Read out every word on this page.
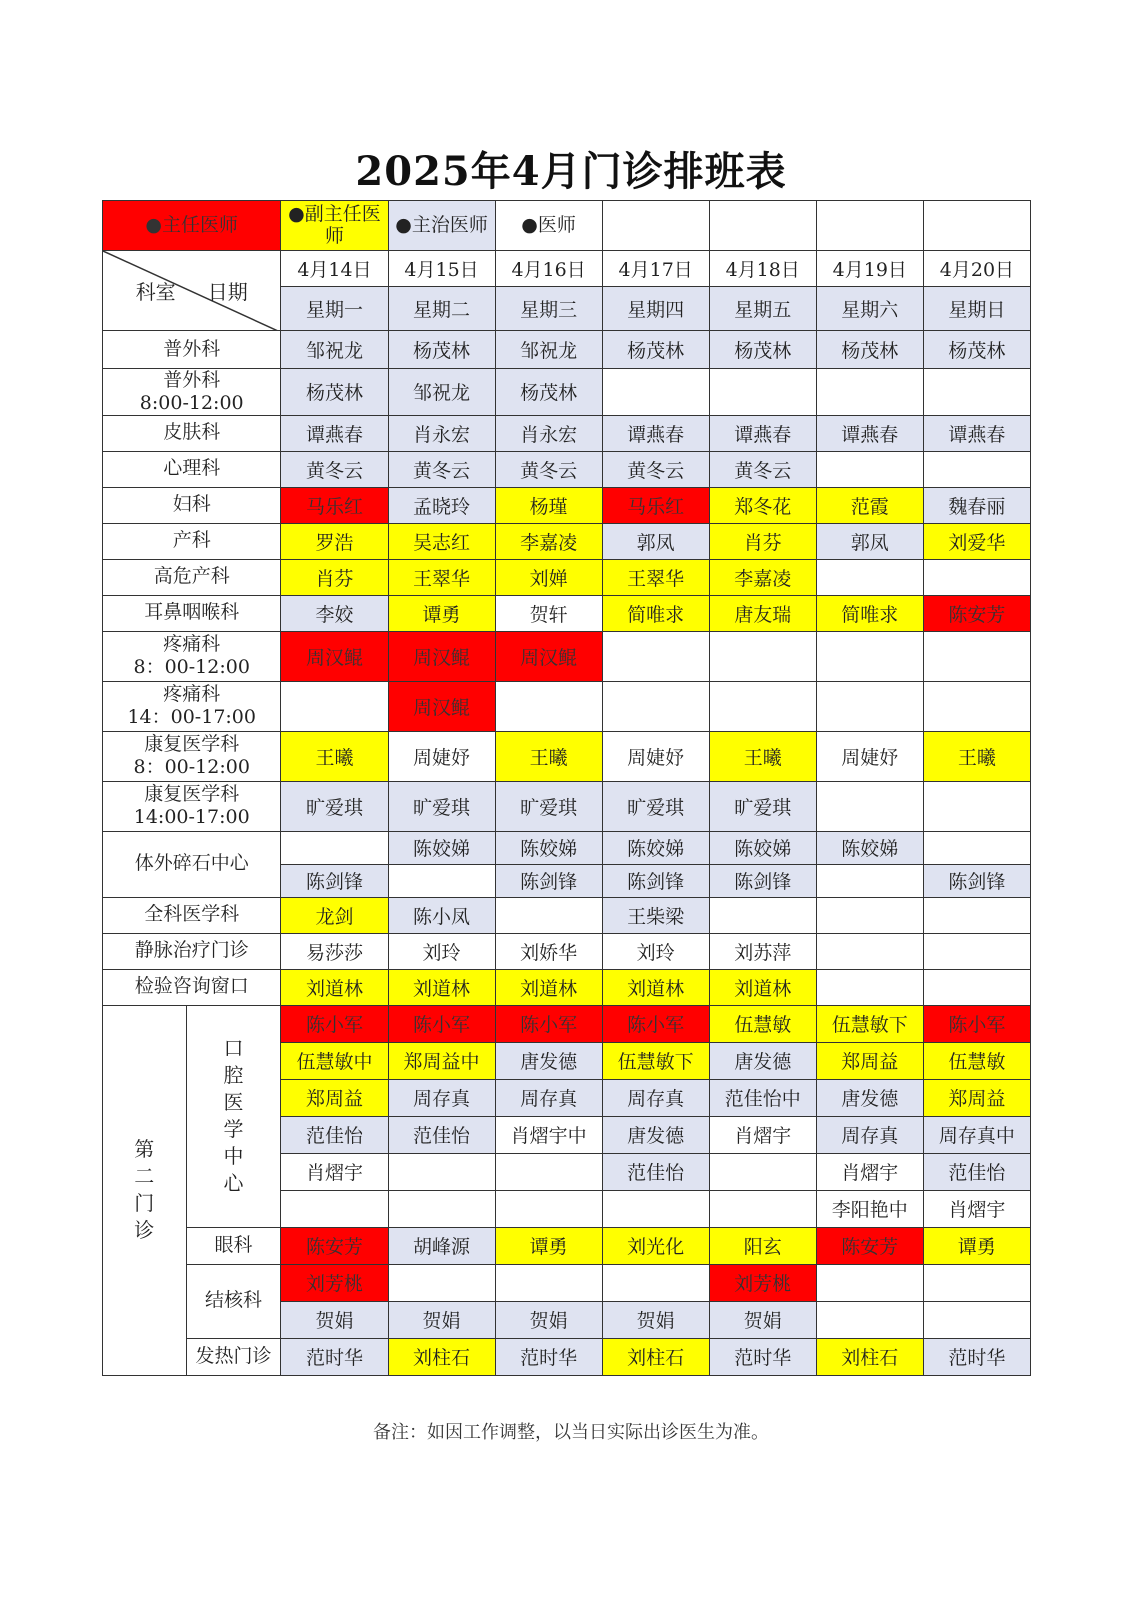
2025年4月门诊排班表
●主任医师		●副主任医师	●主治医师	●医师				

科室 日期		4月14日	4月15日	4月16日	4月17日	4月18日	4月19日	4月20日
		星期一	星期二	星期三	星期四	星期五	星期六	星期日

普外科		邹祝龙	杨茂林	邹祝龙	杨茂林	杨茂林	杨茂林	杨茂林

普外科
8:00-12:00		杨茂林	邹祝龙	杨茂林				

皮肤科		谭燕春	肖永宏	肖永宏	谭燕春	谭燕春	谭燕春	谭燕春

心理科		黄冬云	黄冬云	黄冬云	黄冬云	黄冬云		

妇科		马乐红	孟晓玲	杨瑾	马乐红	郑冬花	范霞	魏春丽

产科		罗浩	吴志红	李嘉凌	郭凤	肖芬	郭凤	刘爱华

高危产科		肖芬	王翠华	刘婵	王翠华	李嘉凌		

耳鼻咽喉科		李姣	谭勇	贺轩	简唯求	唐友瑞	简唯求	陈安芳

疼痛科
8：00-12:00		周汉鲲	周汉鲲	周汉鲲				

疼痛科
14：00-17:00			周汉鲲					

康复医学科
8：00-12:00		王曦	周婕妤	王曦	周婕妤	王曦	周婕妤	王曦

康复医学科
14:00-17:00		旷爱琪	旷爱琪	旷爱琪	旷爱琪	旷爱琪		
体外碎石中心			陈姣娣	陈姣娣	陈姣娣	陈姣娣	陈姣娣	
		陈剑锋		陈剑锋	陈剑锋	陈剑锋		陈剑锋

全科医学科		龙剑	陈小凤		王柴梁			

静脉治疗门诊		易莎莎	刘玲	刘娇华	刘玲	刘苏萍		

检验咨询窗口		刘道林	刘道林	刘道林	刘道林	刘道林		
第二门诊	口腔医学中心	陈小军	陈小军	陈小军	陈小军	伍慧敏	伍慧敏下	陈小军
		伍慧敏中	郑周益中	唐发德	伍慧敏下	唐发德	郑周益	伍慧敏
		郑周益	周存真	周存真	周存真	范佳怡中	唐发德	郑周益
		范佳怡	范佳怡	肖熠宇中	唐发德	肖熠宇	周存真	周存真中
		肖熠宇			范佳怡		肖熠宇	范佳怡
							李阳艳中	肖熠宇
	眼科	陈安芳	胡峰源	谭勇	刘光化	阳玄	陈安芳	谭勇
	结核科	刘芳桃				刘芳桃		
		贺娟	贺娟	贺娟	贺娟	贺娟		
	发热门诊	范时华	刘柱石	范时华	刘柱石	范时华	刘柱石	范时华
备注：如因工作调整，以当日实际出诊医生为准。
